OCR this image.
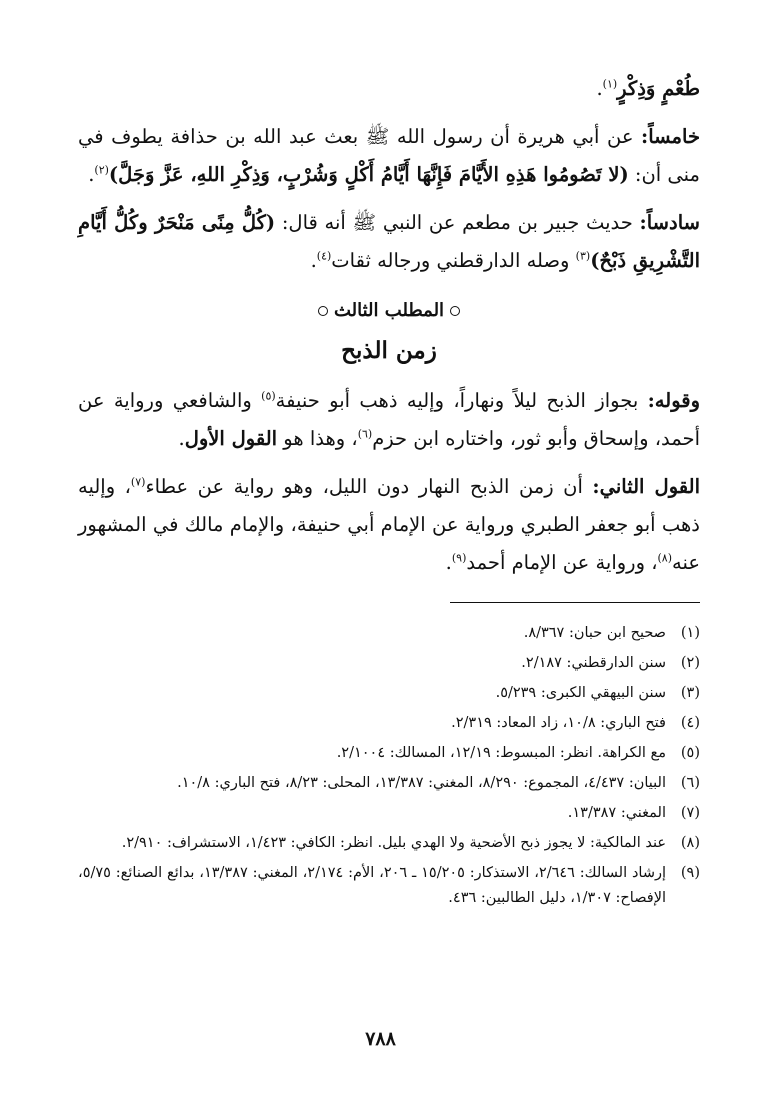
طُعْمٍ وَذِكْرٍ$^{(١)}$.

خامساً: عن أبي هريرة أن رسول الله ﷺ بعث عبد الله بن حذافة يطوف في منى أن: (لا تَصُومُوا هَذِهِ الأَيَّامَ فَإِنَّهَا أَيَّامُ أَكْلٍ وَشُرْبٍ، وَذِكْرِ اللهِ، عَزَّ وَجَلَّ)$^{(٢)}$.

سادساً: حديث جبير بن مطعم عن النبي ﷺ أنه قال: (كُلُّ مِنًى مَنْحَرٌ وكُلُّ أَيَّامِ التَّشْرِيقِ ذَبْحٌ)$^{(٣)}$ وصله الدارقطني ورجاله ثقات$^{(٤)}$.

المطلب الثالث
زمن الذبح

وقوله: بجواز الذبح ليلاً ونهاراً، وإليه ذهب أبو حنيفة$^{(٥)}$ والشافعي ورواية عن أحمد، وإسحاق وأبو ثور، واختاره ابن حزم$^{(٦)}$، وهذا هو القول الأول.

القول الثاني: أن زمن الذبح النهار دون الليل، وهو رواية عن عطاء$^{(٧)}$، وإليه ذهب أبو جعفر الطبري ورواية عن الإمام أبي حنيفة، والإمام مالك في المشهور عنه$^{(٨)}$، ورواية عن الإمام أحمد$^{(٩)}$.

(١)
صحيح ابن حبان: ٨/٣٦٧.
(٢)
سنن الدارقطني: ٢/١٨٧.
(٣)
سنن البيهقي الكبرى: ٥/٢٣٩.
(٤)
فتح الباري: ١٠/٨، زاد المعاد: ٢/٣١٩.
(٥)
مع الكراهة. انظر: المبسوط: ١٢/١٩، المسالك: ٢/١٠٠٤.
(٦)
البيان: ٤/٤٣٧، المجموع: ٨/٢٩٠، المغني: ١٣/٣٨٧، المحلى: ٨/٢٣، فتح الباري: ١٠/٨.
(٧)
المغني: ١٣/٣٨٧.
(٨)
عند المالكية: لا يجوز ذبح الأضحية ولا الهدي بليل. انظر: الكافي: ١/٤٢٣، الاستشراف: ٢/٩١٠.
(٩)
إرشاد السالك: ٢/٦٤٦، الاستذكار: ١٥/٢٠٥ ـ ٢٠٦، الأم: ٢/١٧٤، المغني: ١٣/٣٨٧، بدائع الصنائع: ٥/٧٥، الإفصاح: ١/٣٠٧، دليل الطالبين: ٤٣٦.
٧٨٨
